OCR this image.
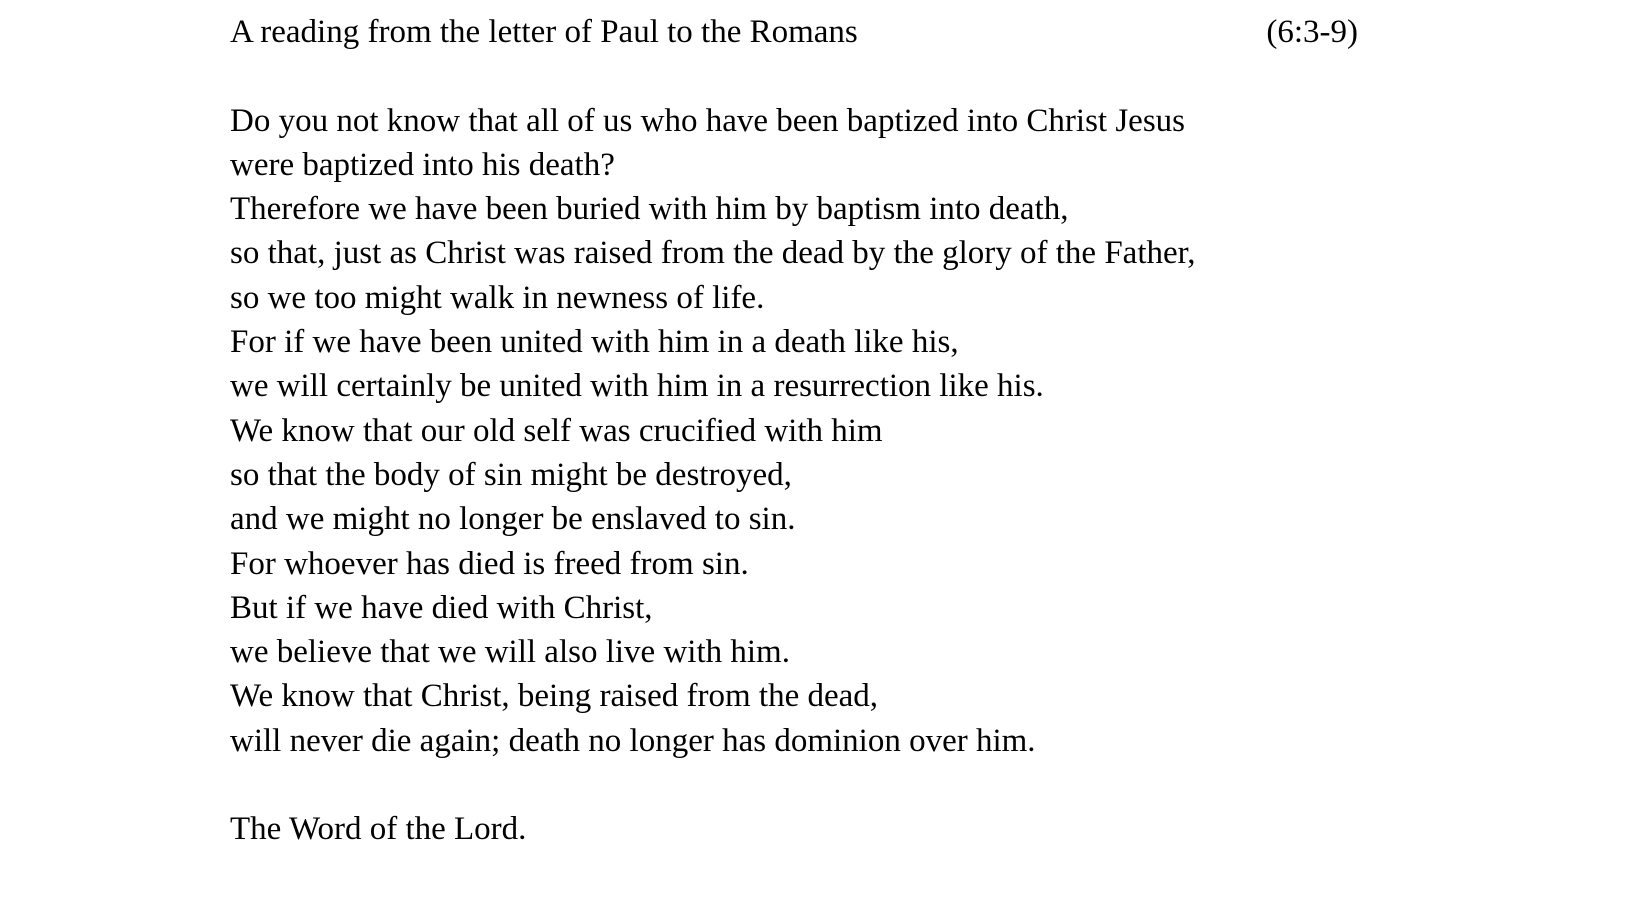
A reading from the letter of Paul to the Romans	(6:3-9)
Do you not know that all of us who have been baptized into Christ Jesus
were baptized into his death?
Therefore we have been buried with him by baptism into death,
so that, just as Christ was raised from the dead by the glory of the Father,
so we too might walk in newness of life.
For if we have been united with him in a death like his,
we will certainly be united with him in a resurrection like his.
We know that our old self was crucified with him
so that the body of sin might be destroyed,
and we might no longer be enslaved to sin.
For whoever has died is freed from sin.
But if we have died with Christ,
we believe that we will also live with him.
We know that Christ, being raised from the dead,
will never die again; death no longer has dominion over him.
The Word of the Lord.
